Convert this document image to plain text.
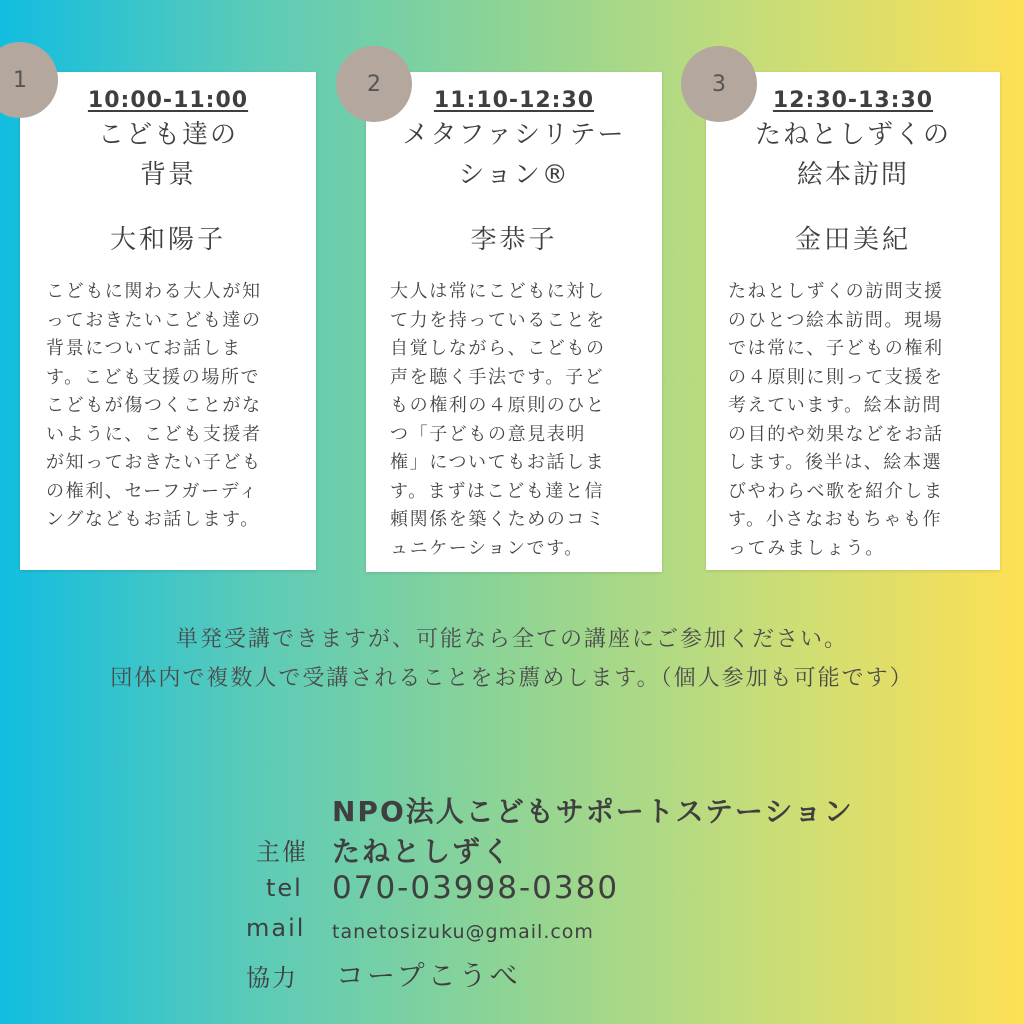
10:00-11:00
こども達の
背景
大和陽子
こどもに関わる大人が知
っておきたいこども達の
背景についてお話しま
す。こども支援の場所で
こどもが傷つくことがな
いように、こども支援者
が知っておきたい子ども
の権利、セーフガーディ
ングなどもお話します。
1
11:10-12:30
メタファシリテー
ション®
李恭子
大人は常にこどもに対し
て力を持っていることを
自覚しながら、こどもの
声を聴く手法です。子ど
もの権利の４原則のひと
つ「子どもの意見表明
権」についてもお話しま
す。まずはこども達と信
頼関係を築くためのコミ
ュニケーションです。
2
12:30-13:30
たねとしずくの
絵本訪問
金田美紀
たねとしずくの訪問支援
のひとつ絵本訪問。現場
では常に、子どもの権利
の４原則に則って支援を
考えています。絵本訪問
の目的や効果などをお話
します。後半は、絵本選
びやわらべ歌を紹介しま
す。小さなおもちゃも作
ってみましょう。
3
単発受講できますが、可能なら全ての講座にご参加ください。
団体内で複数人で受講されることをお薦めします。（個人参加も可能です）
NPO法人こどもサポートステーション
主催 たねとしずく
tel 070-03998-0380
mail tanetosizuku@gmail.com
協力 コープこうべ
